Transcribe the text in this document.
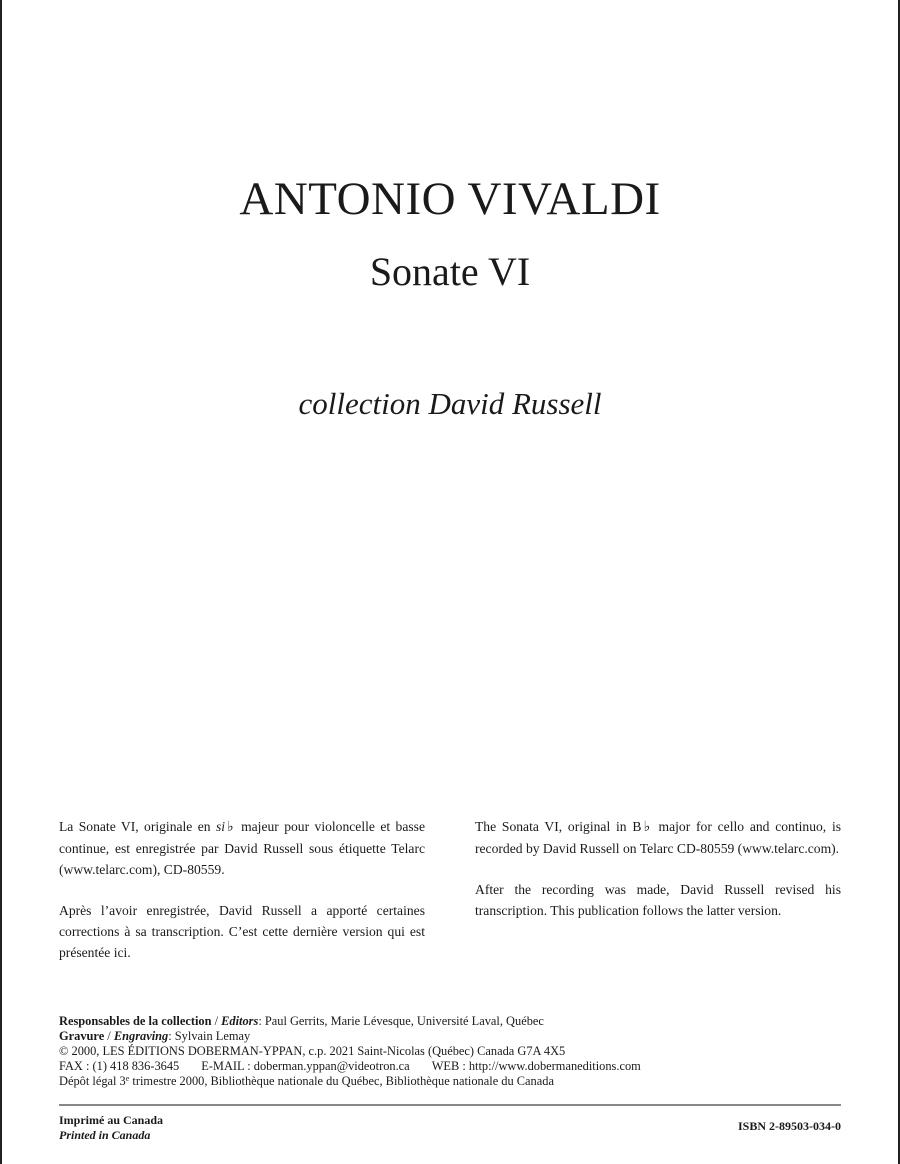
ANTONIO VIVALDI
Sonate VI
collection David Russell

La Sonate VI, originale en si♭ majeur pour violoncelle et basse continue, est enregistrée par David Russell sous étiquette Telarc (www.telarc.com), CD-80559.

Après l’avoir enregistrée, David Russell a apporté certaines corrections à sa transcription. C’est cette dernière version qui est présentée ici.

The Sonata VI, original in B♭ major for cello and continuo, is recorded by David Russell on Telarc CD-80559 (www.telarc.com).

After the recording was made, David Russell revised his transcription. This publication follows the latter version.

Responsables de la collection / Editors: Paul Gerrits, Marie Lévesque, Université Laval, Québec
Gravure / Engraving: Sylvain Lemay
© 2000, LES ÉDITIONS DOBERMAN-YPPAN, c.p. 2021 Saint-Nicolas (Québec) Canada G7A 4X5
FAX : (1) 418 836-3645 E-MAIL : doberman.yppan@videotron.ca WEB : http://www.dobermaneditions.com
Dépôt légal 3e trimestre 2000, Bibliothèque nationale du Québec, Bibliothèque nationale du Canada
Imprimé au Canada
Printed in Canada
ISBN 2-89503-034-0
